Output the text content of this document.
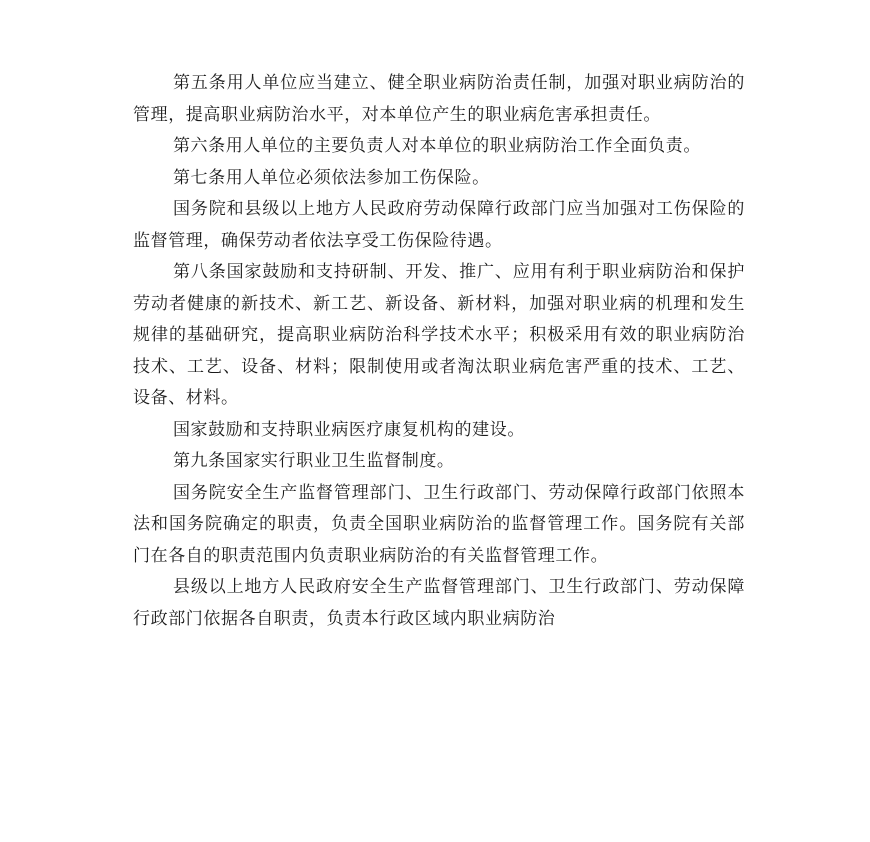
第五条用人单位应当建立、健全职业病防治责任制，加强对职业病防治的管理，提高职业病防治水平，对本单位产生的职业病危害承担责任。

第六条用人单位的主要负责人对本单位的职业病防治工作全面负责。

第七条用人单位必须依法参加工伤保险。

国务院和县级以上地方人民政府劳动保障行政部门应当加强对工伤保险的监督管理，确保劳动者依法享受工伤保险待遇。

第八条国家鼓励和支持研制、开发、推广、应用有利于职业病防治和保护劳动者健康的新技术、新工艺、新设备、新材料，加强对职业病的机理和发生规律的基础研究，提高职业病防治科学技术水平；积极采用有效的职业病防治技术、工艺、设备、材料；限制使用或者淘汰职业病危害严重的技术、工艺、设备、材料。

国家鼓励和支持职业病医疗康复机构的建设。

第九条国家实行职业卫生监督制度。

国务院安全生产监督管理部门、卫生行政部门、劳动保障行政部门依照本法和国务院确定的职责，负责全国职业病防治的监督管理工作。国务院有关部门在各自的职责范围内负责职业病防治的有关监督管理工作。

县级以上地方人民政府安全生产监督管理部门、卫生行政部门、劳动保障行政部门依据各自职责，负责本行政区域内职业病防治
